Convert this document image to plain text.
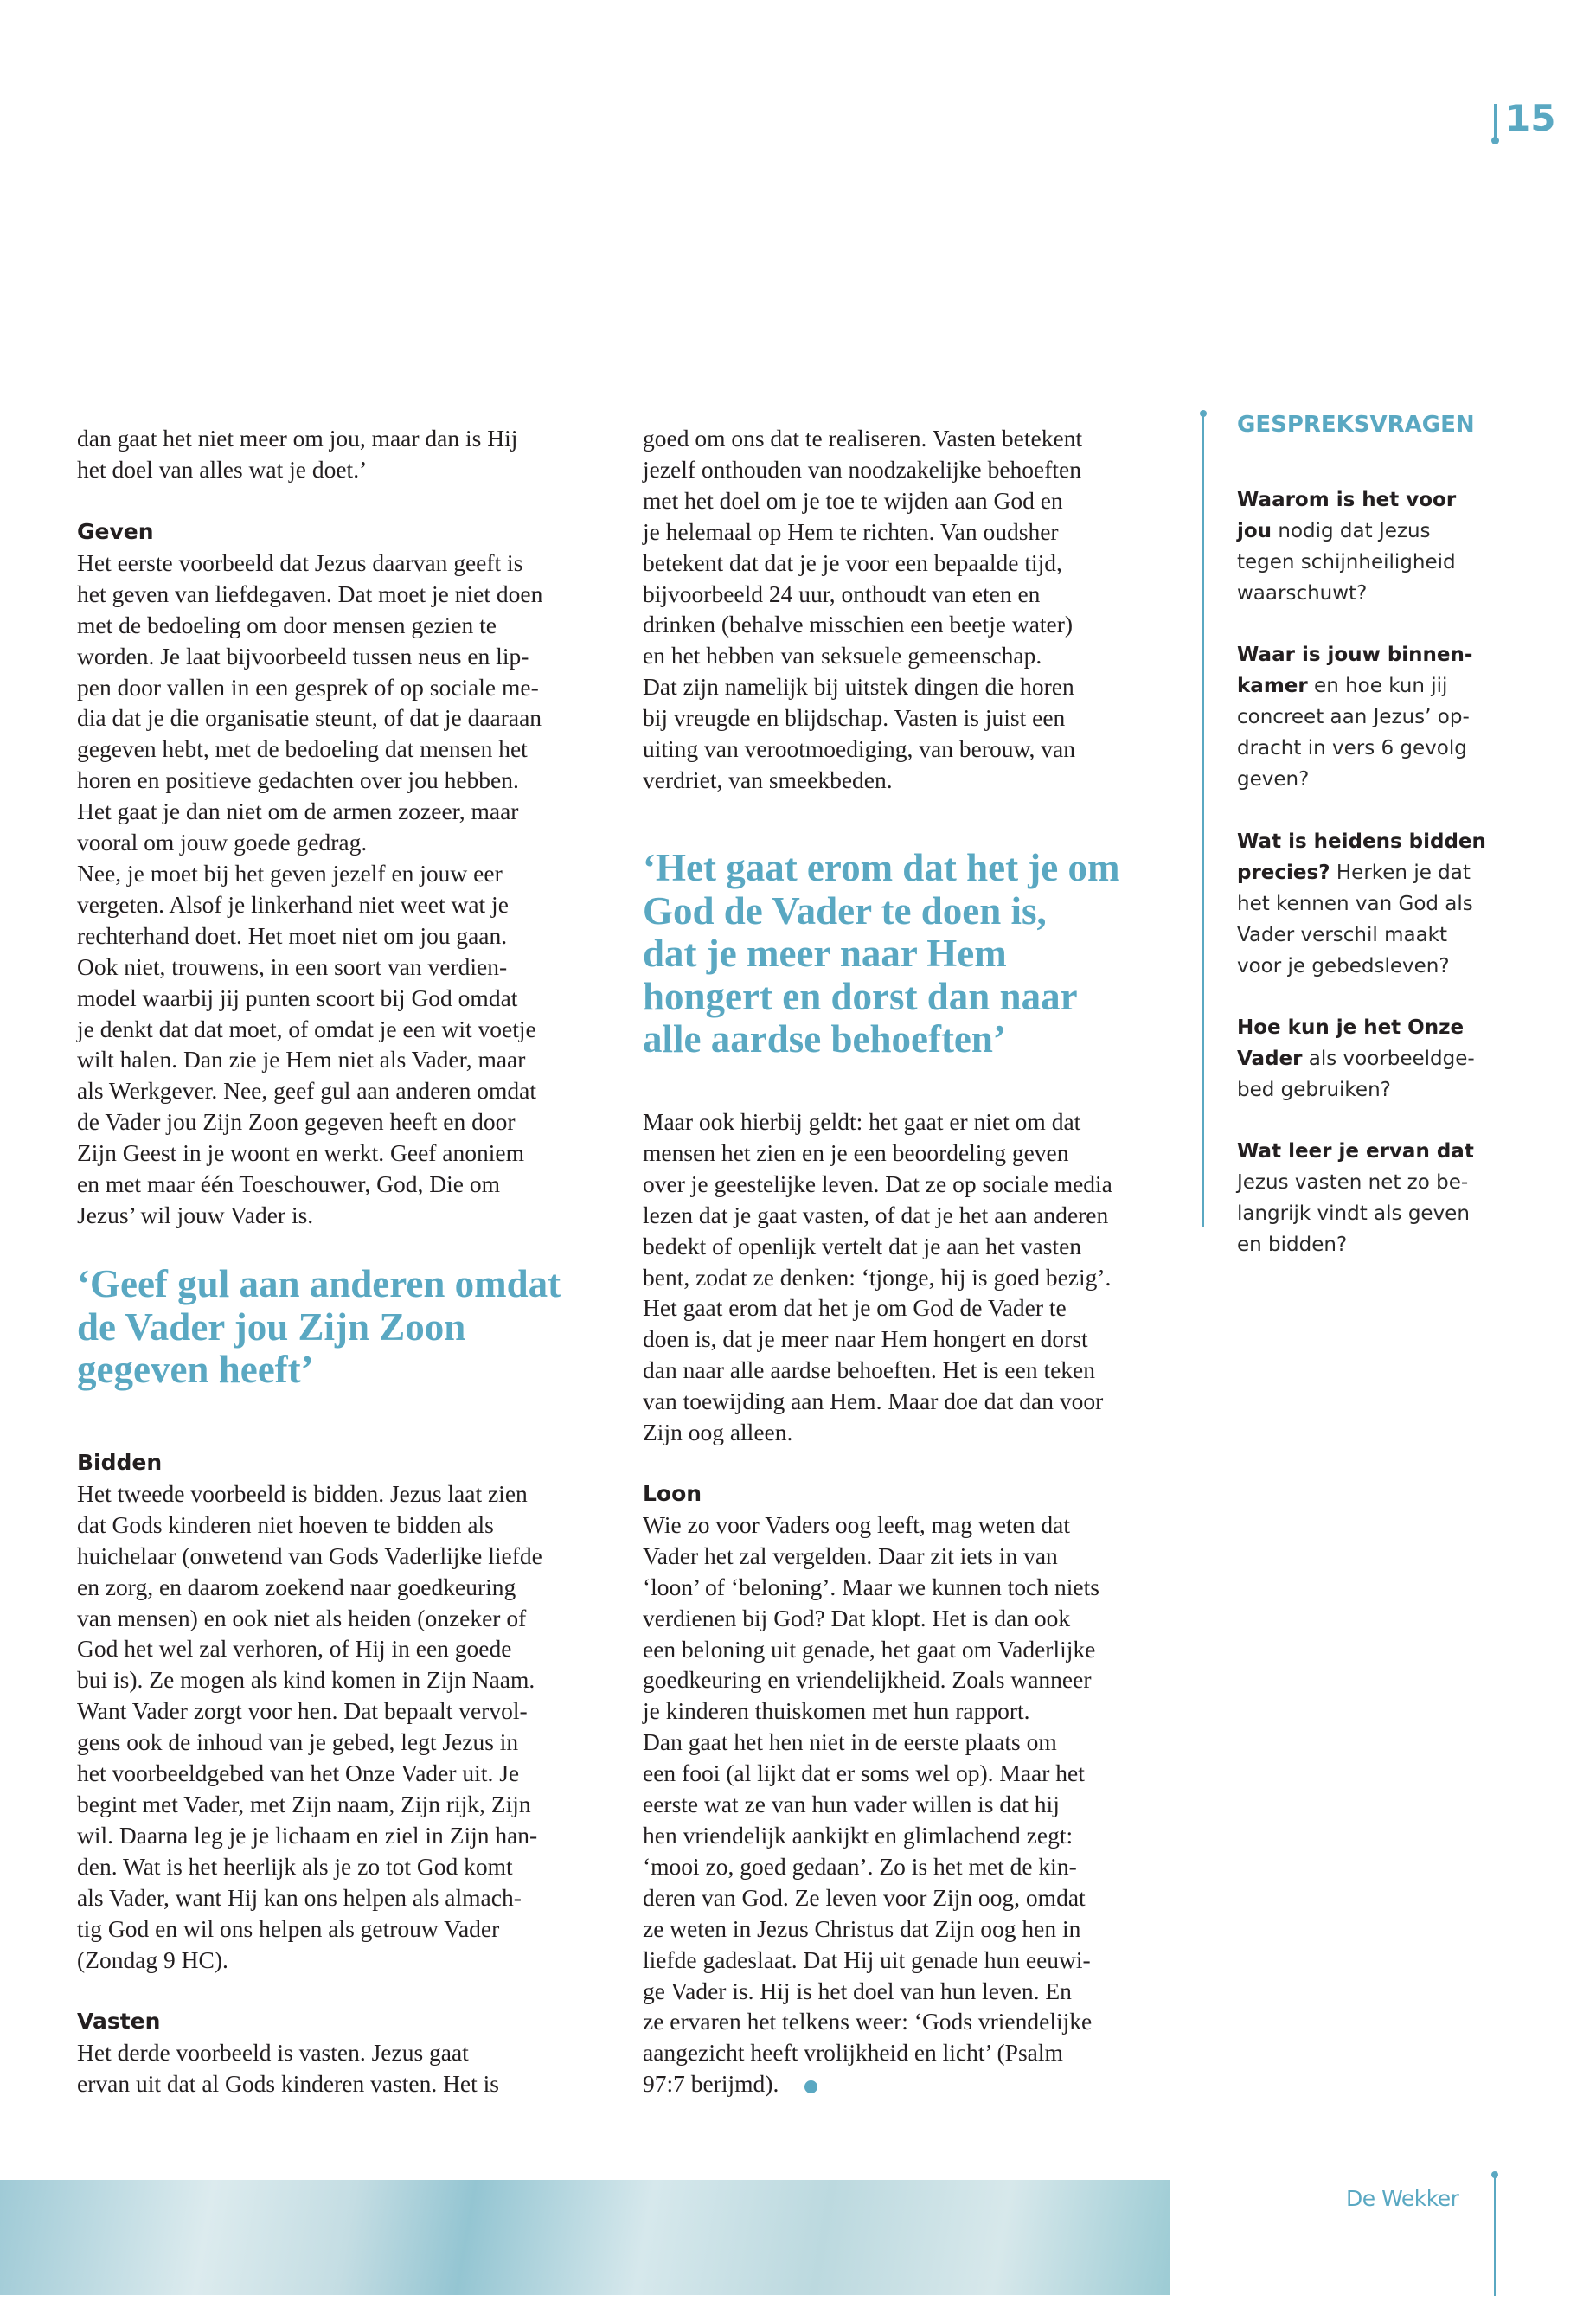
15
dan gaat het niet meer om jou, maar dan is Hij
het doel van alles wat je doet.’
Geven
Het eerste voorbeeld dat Jezus daarvan geeft is
het geven van liefdegaven. Dat moet je niet doen
met de bedoeling om door mensen gezien te
worden. Je laat bijvoorbeeld tussen neus en lip-
pen door vallen in een gesprek of op sociale me-
dia dat je die organisatie steunt, of dat je daaraan
gegeven hebt, met de bedoeling dat mensen het
horen en positieve gedachten over jou hebben.
Het gaat je dan niet om de armen zozeer, maar
vooral om jouw goede gedrag.
Nee, je moet bij het geven jezelf en jouw eer
vergeten. Alsof je linkerhand niet weet wat je
rechterhand doet. Het moet niet om jou gaan.
Ook niet, trouwens, in een soort van verdien-
model waarbij jij punten scoort bij God omdat
je denkt dat dat moet, of omdat je een wit voetje
wilt halen. Dan zie je Hem niet als Vader, maar
als Werkgever. Nee, geef gul aan anderen omdat
de Vader jou Zijn Zoon gegeven heeft en door
Zijn Geest in je woont en werkt. Geef anoniem
en met maar één Toeschouwer, God, Die om
Jezus’ wil jouw Vader is.
‘Geef gul aan anderen omdat
de Vader jou Zijn Zoon
gegeven heeft’
Bidden
Het tweede voorbeeld is bidden. Jezus laat zien
dat Gods kinderen niet hoeven te bidden als
huichelaar (onwetend van Gods Vaderlijke liefde
en zorg, en daarom zoekend naar goedkeuring
van mensen) en ook niet als heiden (onzeker of
God het wel zal verhoren, of Hij in een goede
bui is). Ze mogen als kind komen in Zijn Naam.
Want Vader zorgt voor hen. Dat bepaalt vervol-
gens ook de inhoud van je gebed, legt Jezus in
het voorbeeldgebed van het Onze Vader uit. Je
begint met Vader, met Zijn naam, Zijn rijk, Zijn
wil. Daarna leg je je lichaam en ziel in Zijn han-
den. Wat is het heerlijk als je zo tot God komt
als Vader, want Hij kan ons helpen als almach-
tig God en wil ons helpen als getrouw Vader
(Zondag 9 HC).
Vasten
Het derde voorbeeld is vasten. Jezus gaat
ervan uit dat al Gods kinderen vasten. Het is
goed om ons dat te realiseren. Vasten betekent
jezelf onthouden van noodzakelijke behoeften
met het doel om je toe te wijden aan God en
je helemaal op Hem te richten. Van oudsher
betekent dat dat je je voor een bepaalde tijd,
bijvoorbeeld 24 uur, onthoudt van eten en
drinken (behalve misschien een beetje water)
en het hebben van seksuele gemeenschap.
Dat zijn namelijk bij uitstek dingen die horen
bij vreugde en blijdschap. Vasten is juist een
uiting van verootmoediging, van berouw, van
verdriet, van smeekbeden.
‘Het gaat erom dat het je om
God de Vader te doen is,
dat je meer naar Hem
hongert en dorst dan naar
alle aardse behoeften’
Maar ook hierbij geldt: het gaat er niet om dat
mensen het zien en je een beoordeling geven
over je geestelijke leven. Dat ze op sociale media
lezen dat je gaat vasten, of dat je het aan anderen
bedekt of openlijk vertelt dat je aan het vasten
bent, zodat ze denken: ‘tjonge, hij is goed bezig’.
Het gaat erom dat het je om God de Vader te
doen is, dat je meer naar Hem hongert en dorst
dan naar alle aardse behoeften. Het is een teken
van toewijding aan Hem. Maar doe dat dan voor
Zijn oog alleen.
Loon
Wie zo voor Vaders oog leeft, mag weten dat
Vader het zal vergelden. Daar zit iets in van
‘loon’ of ‘beloning’. Maar we kunnen toch niets
verdienen bij God? Dat klopt. Het is dan ook
een beloning uit genade, het gaat om Vaderlijke
goedkeuring en vriendelijkheid. Zoals wanneer
je kinderen thuiskomen met hun rapport.
Dan gaat het hen niet in de eerste plaats om
een fooi (al lijkt dat er soms wel op). Maar het
eerste wat ze van hun vader willen is dat hij
hen vriendelijk aankijkt en glimlachend zegt:
‘mooi zo, goed gedaan’. Zo is het met de kin-
deren van God. Ze leven voor Zijn oog, omdat
ze weten in Jezus Christus dat Zijn oog hen in
liefde gadeslaat. Dat Hij uit genade hun eeuwi-
ge Vader is. Hij is het doel van hun leven. En
ze ervaren het telkens weer: ‘Gods vriendelijke
aangezicht heeft vrolijkheid en licht’ (Psalm
97:7 berijmd).
GESPREKSVRAGEN
Waarom is het voor
jou nodig dat Jezus
tegen schijnheiligheid
waarschuwt?
Waar is jouw binnen-
kamer en hoe kun jij
concreet aan Jezus’ op-
dracht in vers 6 gevolg
geven?
Wat is heidens bidden
precies? Herken je dat
het kennen van God als
Vader verschil maakt
voor je gebedsleven?
Hoe kun je het Onze
Vader als voorbeeldge-
bed gebruiken?
Wat leer je ervan dat
Jezus vasten net zo be-
langrijk vindt als geven
en bidden?
De Wekker
